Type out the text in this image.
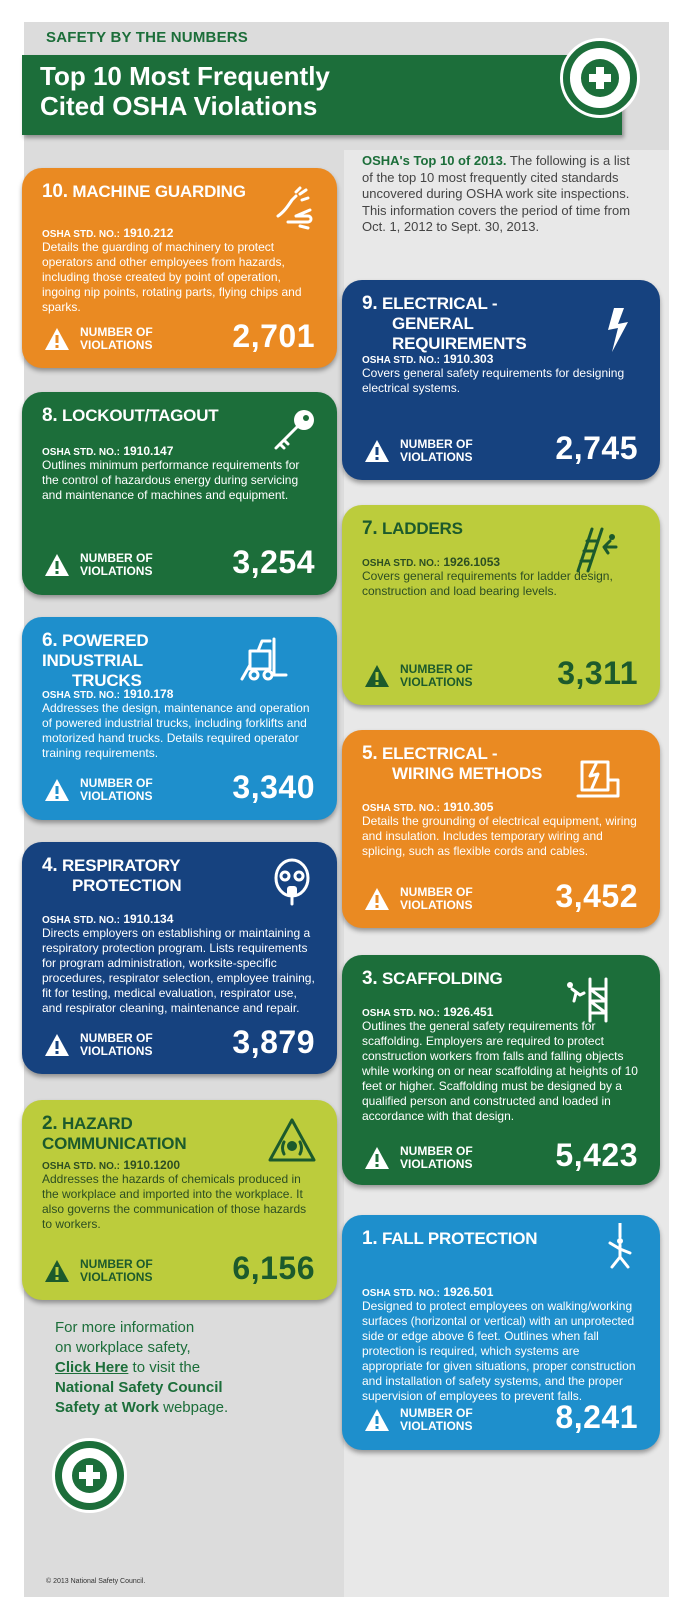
SAFETY BY THE NUMBERS
Top 10 Most Frequently
Cited OSHA Violations
OSHA's Top 10 of 2013. The following is a list of the top 10 most frequently cited standards uncovered during OSHA work site inspections. This information covers the period of time from Oct. 1, 2012 to Sept. 30, 2013.
10. MACHINE GUARDING
OSHA STD. NO.: 1910.212
Details the guarding of machinery to protect operators and other employees from hazards, including those created by point of operation, ingoing nip points, rotating parts, flying chips and sparks.
NUMBER OF
VIOLATIONS 2,701
9. ELECTRICAL -
GENERAL REQUIREMENTS
OSHA STD. NO.: 1910.303
Covers general safety requirements for designing electrical systems.
NUMBER OF
VIOLATIONS	2,745
8. LOCKOUT/TAGOUT
OSHA STD. NO.: 1910.147
Outlines minimum performance requirements for the control of hazardous energy during servicing and maintenance of machines and equipment.
NUMBER OF
VIOLATIONS 3,254
7. LADDERS
OSHA STD. NO.: 1926.1053
Covers general requirements for ladder design, construction and load bearing levels.
NUMBER OF
VIOLATIONS	3,311
6. POWERED INDUSTRIAL
TRUCKS
OSHA STD. NO.: 1910.178
Addresses the design, maintenance and operation of powered industrial trucks, including forklifts and motorized hand trucks. Details required operator training requirements.
NUMBER OF
VIOLATIONS 3,340
5. ELECTRICAL -
WIRING METHODS
OSHA STD. NO.: 1910.305
Details the grounding of electrical equipment, wiring and insulation. Includes temporary wiring and splicing, such as flexible cords and cables.
NUMBER OF
VIOLATIONS	3,452
4. RESPIRATORY
PROTECTION
OSHA STD. NO.: 1910.134
Directs employers on establishing or maintaining a respiratory protection program. Lists requirements for program administration, worksite-specific procedures, respirator selection, employee training, fit for testing, medical evaluation, respirator use, and respirator cleaning, maintenance and repair.
NUMBER OF
VIOLATIONS 3,879
3. SCAFFOLDING
OSHA STD. NO.: 1926.451
Outlines the general safety requirements for scaffolding. Employers are required to protect construction workers from falls and falling objects while working on or near scaffolding at heights of 10 feet or higher. Scaffolding must be designed by a qualified person and constructed and loaded in accordance with that design.
NUMBER OF
VIOLATIONS	5,423
2. HAZARD COMMUNICATION
OSHA STD. NO.: 1910.1200
Addresses the hazards of chemicals produced in the workplace and imported into the workplace. It also governs the communication of those hazards to workers.
NUMBER OF
VIOLATIONS 6,156
1. FALL PROTECTION
OSHA STD. NO.: 1926.501
Designed to protect employees on walking/working surfaces (horizontal or vertical) with an unprotected side or edge above 6 feet. Outlines when fall protection is required, which systems are appropriate for given situations, proper construction and installation of safety systems, and the proper supervision of employees to prevent falls.
NUMBER OF
VIOLATIONS	8,241
For more information
on workplace safety,
Click Here to visit the
National Safety Council
Safety at Work webpage.
© 2013 National Safety Council.
